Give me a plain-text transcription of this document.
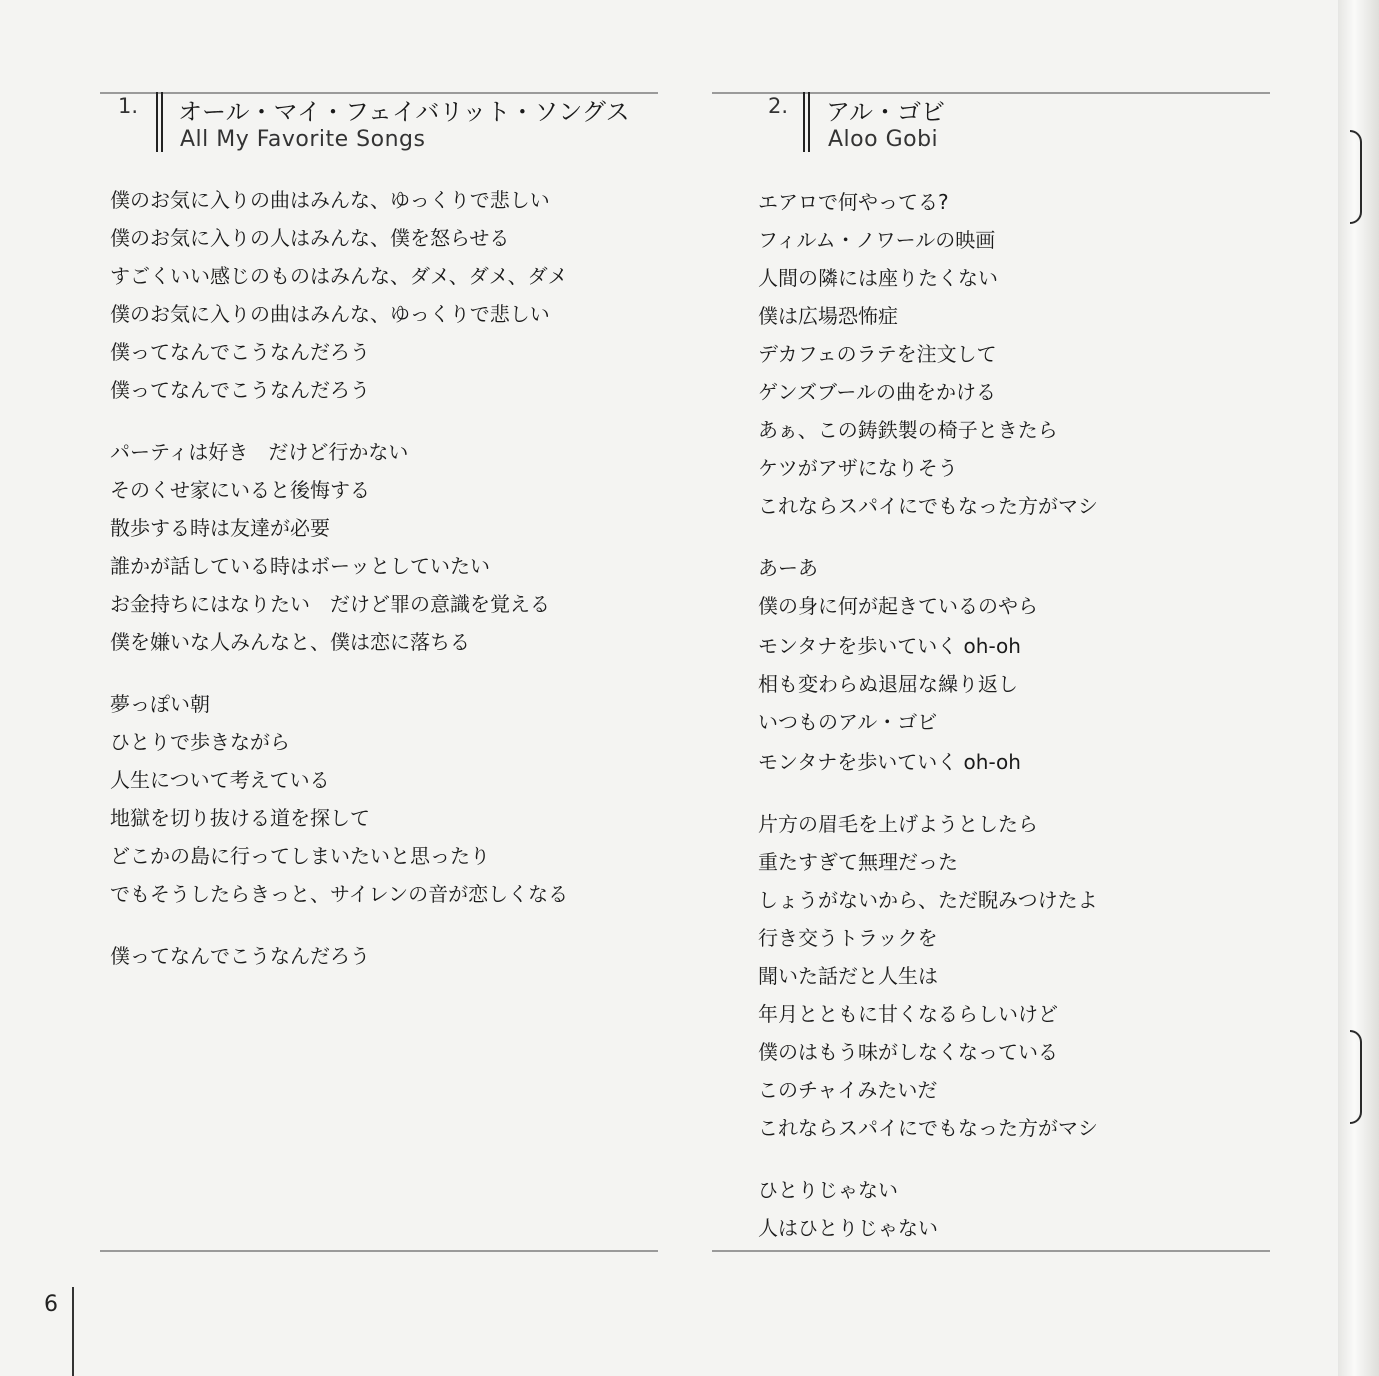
1. オール・マイ・フェイバリット・ソングス
All My Favorite Songs
僕のお気に入りの曲はみんな、ゆっくりで悲しい
僕のお気に入りの人はみんな、僕を怒らせる
すごくいい感じのものはみんな、ダメ、ダメ、ダメ
僕のお気に入りの曲はみんな、ゆっくりで悲しい
僕ってなんでこうなんだろう
僕ってなんでこうなんだろう
パーティは好き　だけど行かない
そのくせ家にいると後悔する
散歩する時は友達が必要
誰かが話している時はボーッとしていたい
お金持ちにはなりたい　だけど罪の意識を覚える
僕を嫌いな人みんなと、僕は恋に落ちる
夢っぽい朝
ひとりで歩きながら
人生について考えている
地獄を切り抜ける道を探して
どこかの島に行ってしまいたいと思ったり
でもそうしたらきっと、サイレンの音が恋しくなる
僕ってなんでこうなんだろう
2. アル・ゴビ
Aloo Gobi
エアロで何やってる?
フィルム・ノワールの映画
人間の隣には座りたくない
僕は広場恐怖症
デカフェのラテを注文して
ゲンズブールの曲をかける
あぁ、この鋳鉄製の椅子ときたら
ケツがアザになりそう
これならスパイにでもなった方がマシ
あーあ
僕の身に何が起きているのやら
モンタナを歩いていく oh-oh
相も変わらぬ退屈な繰り返し
いつものアル・ゴビ
モンタナを歩いていく oh-oh
片方の眉毛を上げようとしたら
重たすぎて無理だった
しょうがないから、ただ睨みつけたよ
行き交うトラックを
聞いた話だと人生は
年月とともに甘くなるらしいけど
僕のはもう味がしなくなっている
このチャイみたいだ
これならスパイにでもなった方がマシ
ひとりじゃない
人はひとりじゃない
6
